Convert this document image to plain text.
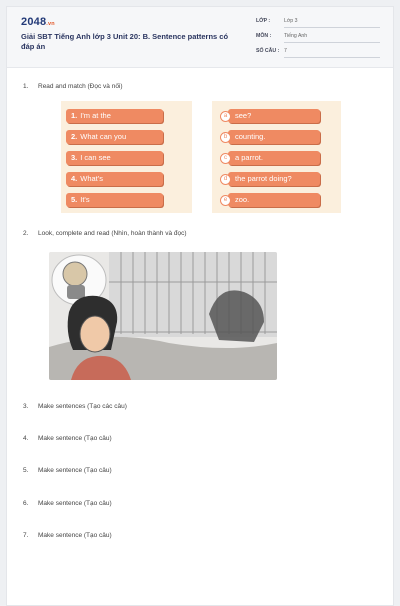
2048.vn
Giải SBT Tiếng Anh lớp 3 Unit 20: B. Sentence patterns có đáp án
LỚP :	Lớp 3
MÔN :	Tiếng Anh
SỐ CÂU : 7
1. Read and match (Đọc và nối)
1. I'm at the
2. What can you
3. I can see
4. What's
5. It's
a
b
c
d
e
see?
counting.
a parrot.
the parrot doing?
zoo.
2. Look, complete and read (Nhìn, hoàn thành và đọc)
3. Make sentences (Tạo các câu)
4. Make sentence (Tạo câu)
5. Make sentence (Tạo câu)
6. Make sentence (Tạo câu)
7. Make sentence (Tạo câu)
